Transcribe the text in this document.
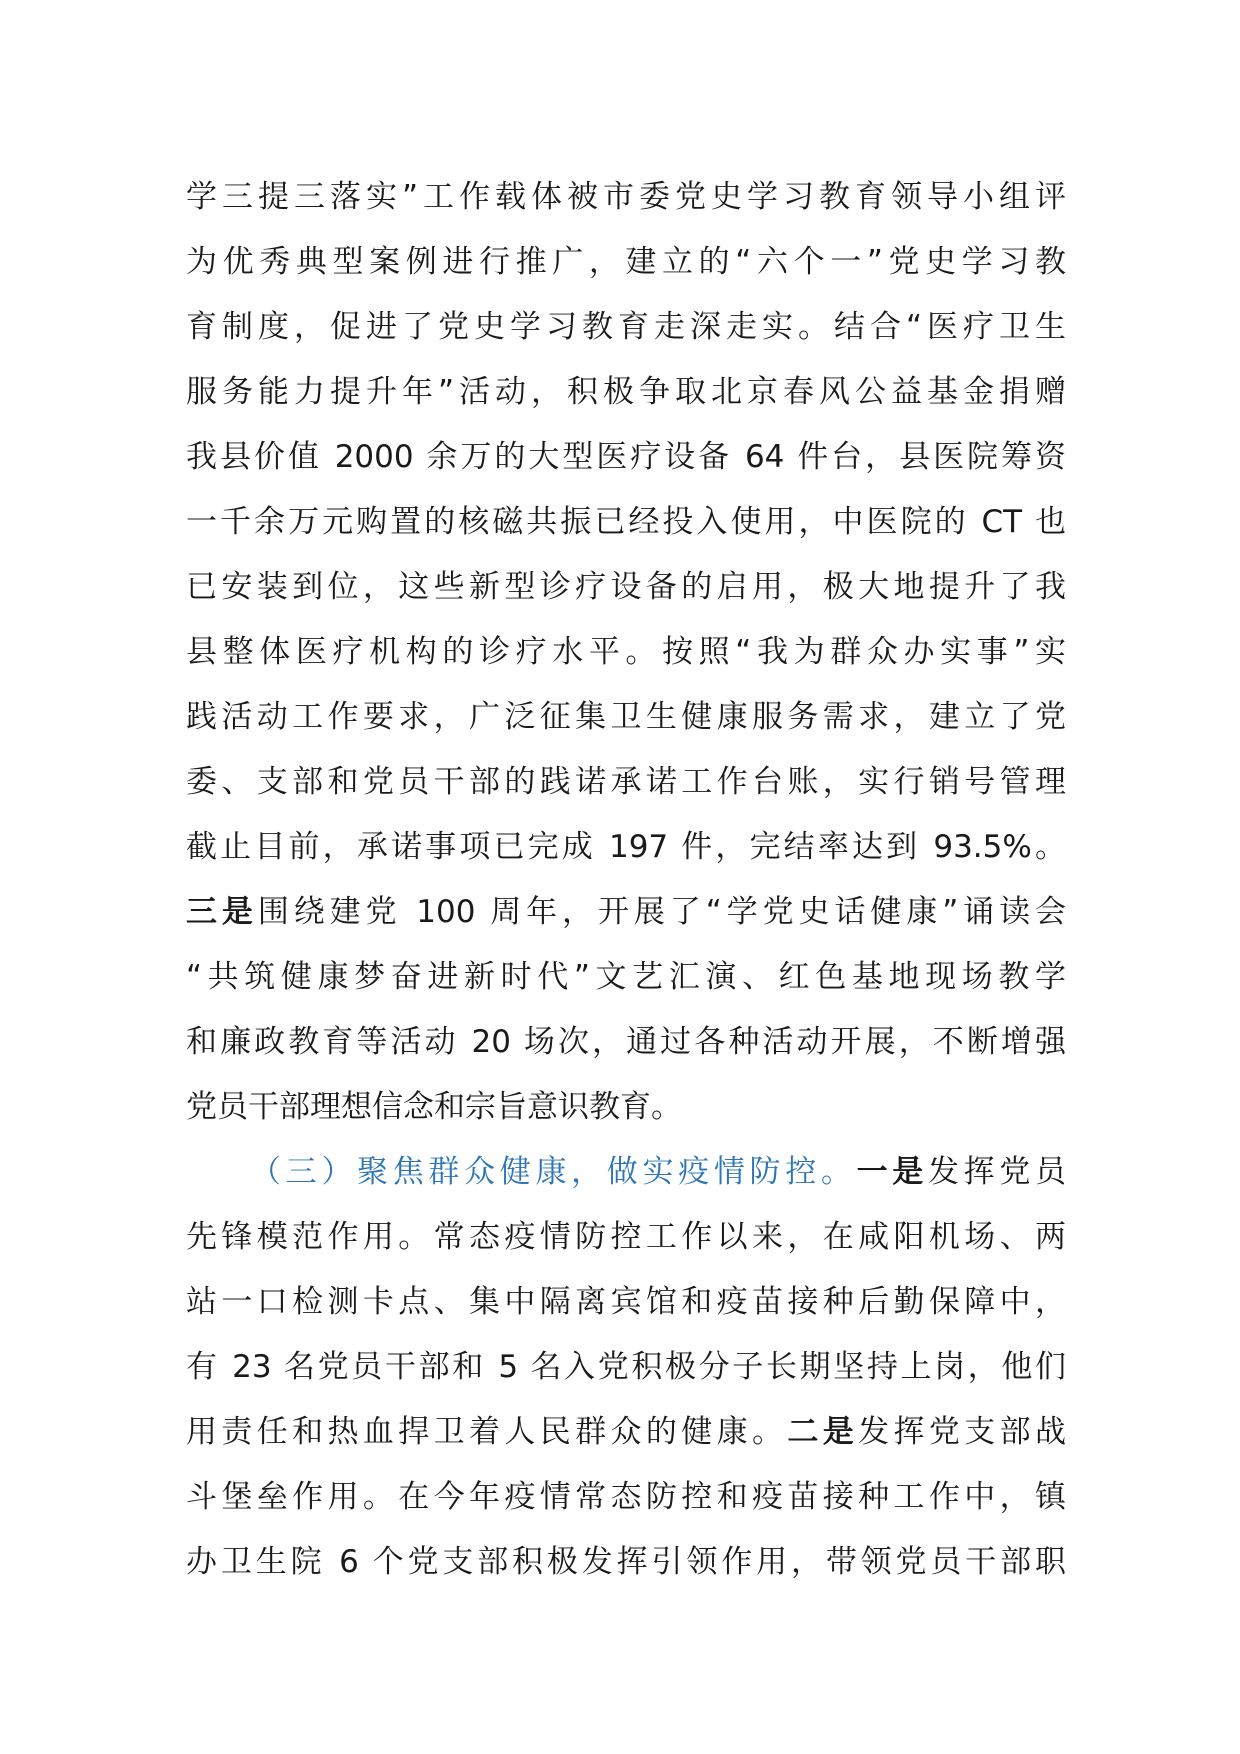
学三提三落实”工作载体被市委党史学习教育领导小组评
为优秀典型案例进行推广，建立的“六个一”党史学习教
育制度，促进了党史学习教育走深走实。结合“医疗卫生
服务能力提升年”活动，积极争取北京春风公益基金捐赠
我县价值 2000 余万的大型医疗设备 64 件台，县医院筹资
一千余万元购置的核磁共振已经投入使用，中医院的 CT 也
已安装到位，这些新型诊疗设备的启用，极大地提升了我
县整体医疗机构的诊疗水平。按照“我为群众办实事”实
践活动工作要求，广泛征集卫生健康服务需求，建立了党
委、支部和党员干部的践诺承诺工作台账，实行销号管理
截止目前，承诺事项已完成 197 件，完结率达到 93.5%。
三是围绕建党 100 周年，开展了“学党史话健康”诵读会
“共筑健康梦奋进新时代”文艺汇演、红色基地现场教学
和廉政教育等活动 20 场次，通过各种活动开展，不断增强
党员干部理想信念和宗旨意识教育。
（三）聚焦群众健康，做实疫情防控。一是发挥党员
先锋模范作用。常态疫情防控工作以来，在咸阳机场、两
站一口检测卡点、集中隔离宾馆和疫苗接种后勤保障中，
有 23 名党员干部和 5 名入党积极分子长期坚持上岗，他们
用责任和热血捍卫着人民群众的健康。二是发挥党支部战
斗堡垒作用。在今年疫情常态防控和疫苗接种工作中，镇
办卫生院 6 个党支部积极发挥引领作用，带领党员干部职
